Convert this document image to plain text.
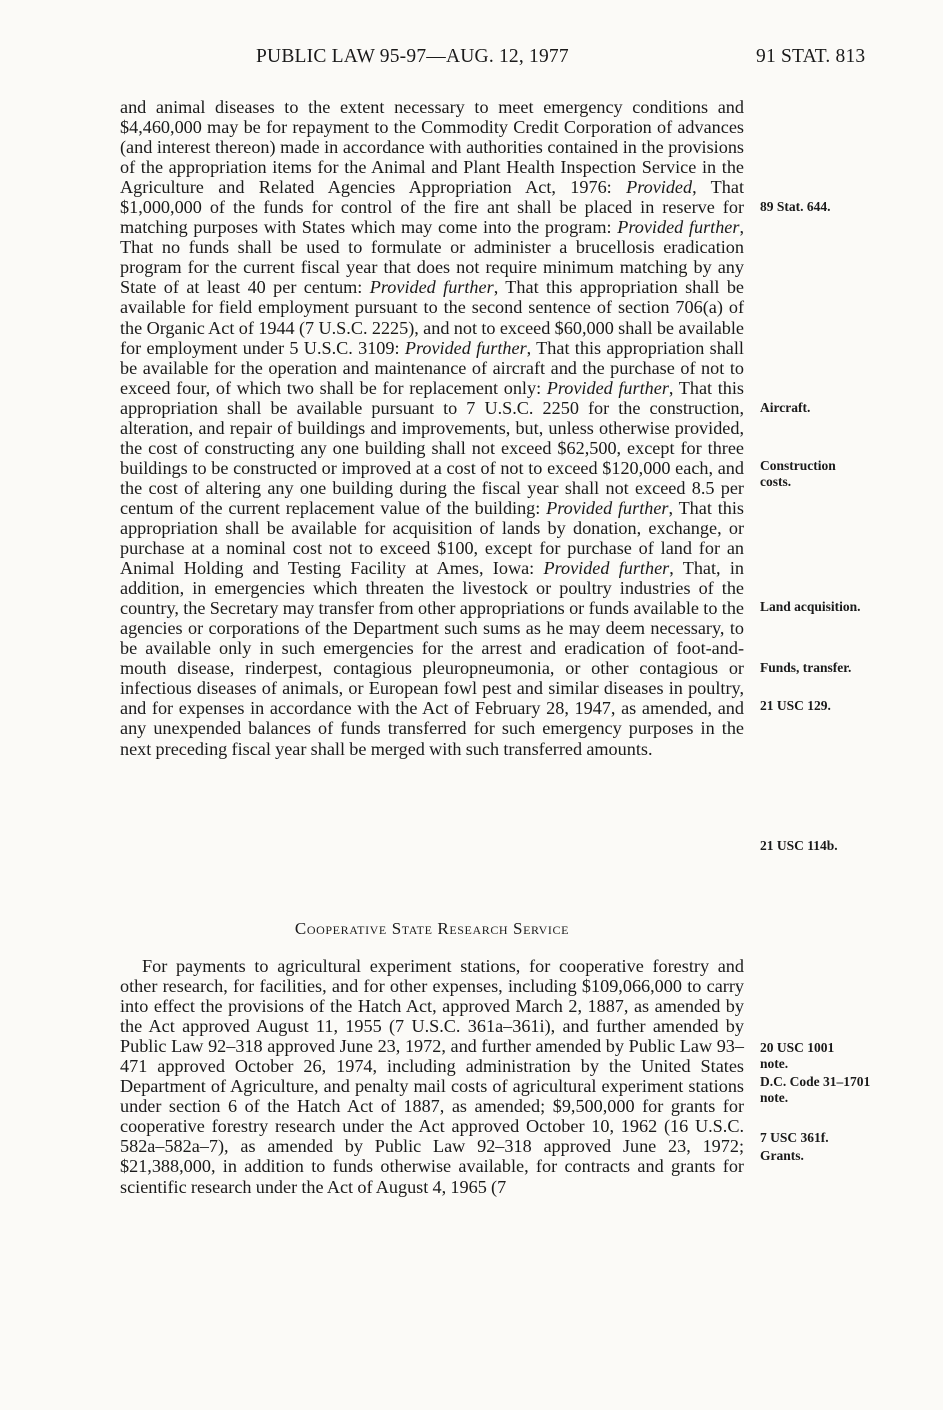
PUBLIC LAW 95-97—AUG. 12, 1977	91 STAT. 813
and animal diseases to the extent necessary to meet emergency conditions and $4,460,000 may be for repayment to the Commodity Credit Corporation of advances (and interest thereon) made in accordance with authorities contained in the provisions of the appropriation items for the Animal and Plant Health Inspection Service in the Agriculture and Related Agencies Appropriation Act, 1976: Provided, That $1,000,000 of the funds for control of the fire ant shall be placed in reserve for matching purposes with States which may come into the program: Provided further, That no funds shall be used to formulate or administer a brucellosis eradication program for the current fiscal year that does not require minimum matching by any State of at least 40 per centum: Provided further, That this appropriation shall be available for field employment pursuant to the second sentence of section 706(a) of the Organic Act of 1944 (7 U.S.C. 2225), and not to exceed $60,000 shall be available for employment under 5 U.S.C. 3109: Provided further, That this appropriation shall be available for the operation and maintenance of aircraft and the purchase of not to exceed four, of which two shall be for replacement only: Provided further, That this appropriation shall be available pursuant to 7 U.S.C. 2250 for the construction, alteration, and repair of buildings and improvements, but, unless otherwise provided, the cost of constructing any one building shall not exceed $62,500, except for three buildings to be constructed or improved at a cost of not to exceed $120,000 each, and the cost of altering any one building during the fiscal year shall not exceed 8.5 per centum of the current replacement value of the building: Provided further, That this appropriation shall be available for acquisition of lands by donation, exchange, or purchase at a nominal cost not to exceed $100, except for purchase of land for an Animal Holding and Testing Facility at Ames, Iowa: Provided further, That, in addition, in emergencies which threaten the livestock or poultry industries of the country, the Secretary may transfer from other appropriations or funds available to the agencies or corporations of the Department such sums as he may deem necessary, to be available only in such emergencies for the arrest and eradication of foot-and-mouth disease, rinderpest, contagious pleuropneumonia, or other contagious or infectious diseases of animals, or European fowl pest and similar diseases in poultry, and for expenses in accordance with the Act of February 28, 1947, as amended, and any unexpended balances of funds transferred for such emergency purposes in the next preceding fiscal year shall be merged with such transferred amounts.
Cooperative State Research Service
For payments to agricultural experiment stations, for cooperative forestry and other research, for facilities, and for other expenses, including $109,066,000 to carry into effect the provisions of the Hatch Act, approved March 2, 1887, as amended by the Act approved August 11, 1955 (7 U.S.C. 361a–361i), and further amended by Public Law 92–318 approved June 23, 1972, and further amended by Public Law 93–471 approved October 26, 1974, including administration by the United States Department of Agriculture, and penalty mail costs of agricultural experiment stations under section 6 of the Hatch Act of 1887, as amended; $9,500,000 for grants for cooperative forestry research under the Act approved October 10, 1962 (16 U.S.C. 582a–582a–7), as amended by Public Law 92–318 approved June 23, 1972; $21,388,000, in addition to funds otherwise available, for contracts and grants for scientific research under the Act of August 4, 1965 (7
89 Stat. 644.
Aircraft.
Construction costs.
Land acquisition.
Funds, transfer.
21 USC 129.
21 USC 114b.
20 USC 1001 note.
D.C. Code 31–1701 note.
7 USC 361f.
Grants.
